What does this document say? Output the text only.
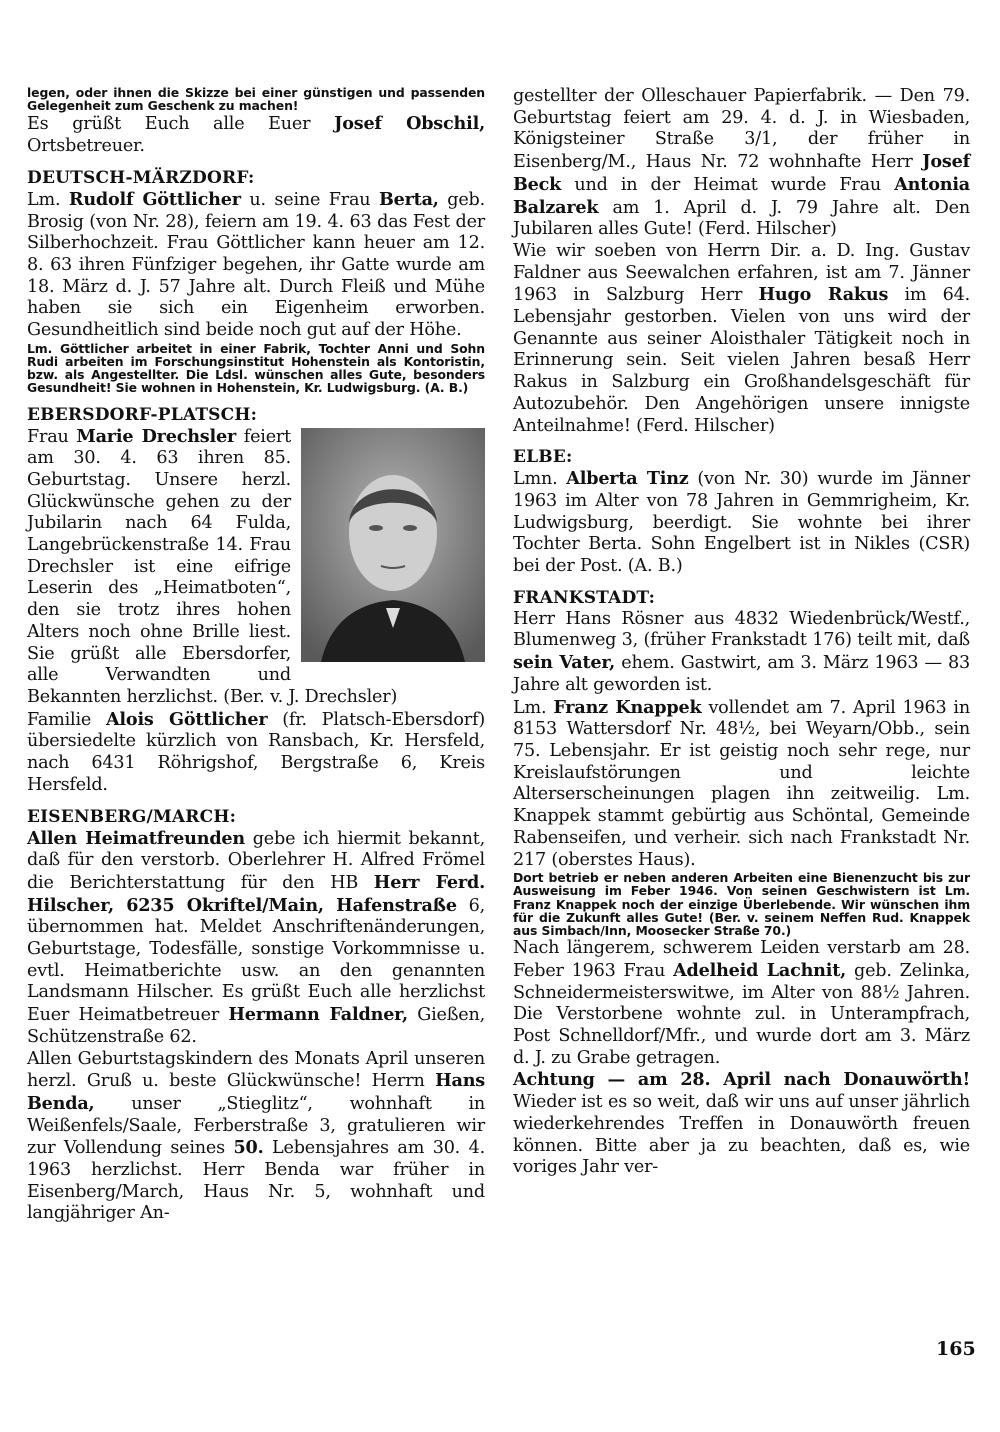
legen, oder ihnen die Skizze bei einer günstigen und passenden Gelegenheit zum Geschenk zu machen!

Es grüßt Euch alle Euer Josef Obschil, Ortsbetreuer.

DEUTSCH-MÄRZDORF:

Lm. Rudolf Göttlicher u. seine Frau Berta, geb. Brosig (von Nr. 28), feiern am 19. 4. 63 das Fest der Silberhochzeit. Frau Göttlicher kann heuer am 12. 8. 63 ihren Fünfziger begehen, ihr Gatte wurde am 18. März d. J. 57 Jahre alt. Durch Fleiß und Mühe haben sie sich ein Eigenheim erworben. Gesundheitlich sind beide noch gut auf der Höhe.

Lm. Göttlicher arbeitet in einer Fabrik, Tochter Anni und Sohn Rudi arbeiten im Forschungsinstitut Hohenstein als Kontoristin, bzw. als Angestellter. Die Ldsl. wünschen alles Gute, besonders Gesundheit! Sie wohnen in Hohenstein, Kr. Ludwigsburg. (A. B.)

EBERSDORF-PLATSCH:

Frau Marie Drechsler feiert am 30. 4. 63 ihren 85. Geburtstag. Unsere herzl. Glückwünsche gehen zu der Jubilarin nach 64 Fulda, Langebrückenstraße 14. Frau Drechsler ist eine eifrige Leserin des „Heimatboten“, den sie trotz ihres hohen Alters noch ohne Brille liest. Sie grüßt alle Ebersdorfer, alle Verwandten und Bekannten herzlichst. (Ber. v. J. Drechsler)

Familie Alois Göttlicher (fr. Platsch-Ebersdorf) übersiedelte kürzlich von Ransbach, Kr. Hersfeld, nach 6431 Röhrigshof, Bergstraße 6, Kreis Hersfeld.

EISENBERG/MARCH:

Allen Heimatfreunden gebe ich hiermit bekannt, daß für den verstorb. Oberlehrer H. Alfred Frömel die Berichterstattung für den HB Herr Ferd. Hilscher, 6235 Okriftel/Main, Hafenstraße 6, übernommen hat. Meldet Anschriftenänderungen, Geburtstage, Todesfälle, sonstige Vorkommnisse u. evtl. Heimatberichte usw. an den genannten Landsmann Hilscher. Es grüßt Euch alle herzlichst Euer Heimatbetreuer Hermann Faldner, Gießen, Schützenstraße 62.

Allen Geburtstagskindern des Monats April unseren herzl. Gruß u. beste Glückwünsche! Herrn Hans Benda, unser „Stieglitz“, wohnhaft in Weißenfels/Saale, Ferberstraße 3, gratulieren wir zur Vollendung seines 50. Lebensjahres am 30. 4. 1963 herzlichst. Herr Benda war früher in Eisenberg/March, Haus Nr. 5, wohnhaft und langjähriger An-

gestellter der Olleschauer Papierfabrik. — Den 79. Geburtstag feiert am 29. 4. d. J. in Wiesbaden, Königsteiner Straße 3/1, der früher in Eisenberg/M., Haus Nr. 72 wohnhafte Herr Josef Beck und in der Heimat wurde Frau Antonia Balzarek am 1. April d. J. 79 Jahre alt. Den Jubilaren alles Gute! (Ferd. Hilscher)

Wie wir soeben von Herrn Dir. a. D. Ing. Gustav Faldner aus Seewalchen erfahren, ist am 7. Jänner 1963 in Salzburg Herr Hugo Rakus im 64. Lebensjahr gestorben. Vielen von uns wird der Genannte aus seiner Aloisthaler Tätigkeit noch in Erinnerung sein. Seit vielen Jahren besaß Herr Rakus in Salzburg ein Großhandelsgeschäft für Autozubehör. Den Angehörigen unsere innigste Anteilnahme! (Ferd. Hilscher)

ELBE:

Lmn. Alberta Tinz (von Nr. 30) wurde im Jänner 1963 im Alter von 78 Jahren in Gemmrigheim, Kr. Ludwigsburg, beerdigt. Sie wohnte bei ihrer Tochter Berta. Sohn Engelbert ist in Nikles (CSR) bei der Post. (A. B.)

FRANKSTADT:

Herr Hans Rösner aus 4832 Wiedenbrück/Westf., Blumenweg 3, (früher Frankstadt 176) teilt mit, daß sein Vater, ehem. Gastwirt, am 3. März 1963 — 83 Jahre alt geworden ist.

Lm. Franz Knappek vollendet am 7. April 1963 in 8153 Wattersdorf Nr. 48½, bei Weyarn/Obb., sein 75. Lebensjahr. Er ist geistig noch sehr rege, nur Kreislaufstörungen und leichte Alterserscheinungen plagen ihn zeitweilig. Lm. Knappek stammt gebürtig aus Schöntal, Gemeinde Rabenseifen, und verheir. sich nach Frankstadt Nr. 217 (oberstes Haus).

Dort betrieb er neben anderen Arbeiten eine Bienenzucht bis zur Ausweisung im Feber 1946. Von seinen Geschwistern ist Lm. Franz Knappek noch der einzige Überlebende. Wir wünschen ihm für die Zukunft alles Gute! (Ber. v. seinem Neffen Rud. Knappek aus Simbach/Inn, Moosecker Straße 70.)

Nach längerem, schwerem Leiden verstarb am 28. Feber 1963 Frau Adelheid Lachnit, geb. Zelinka, Schneidermeisterswitwe, im Alter von 88½ Jahren. Die Verstorbene wohnte zul. in Unterampfrach, Post Schnelldorf/Mfr., und wurde dort am 3. März d. J. zu Grabe getragen.

Achtung — am 28. April nach Donauwörth! Wieder ist es so weit, daß wir uns auf unser jährlich wiederkehrendes Treffen in Donauwörth freuen können. Bitte aber ja zu beachten, daß es, wie voriges Jahr ver-

165
